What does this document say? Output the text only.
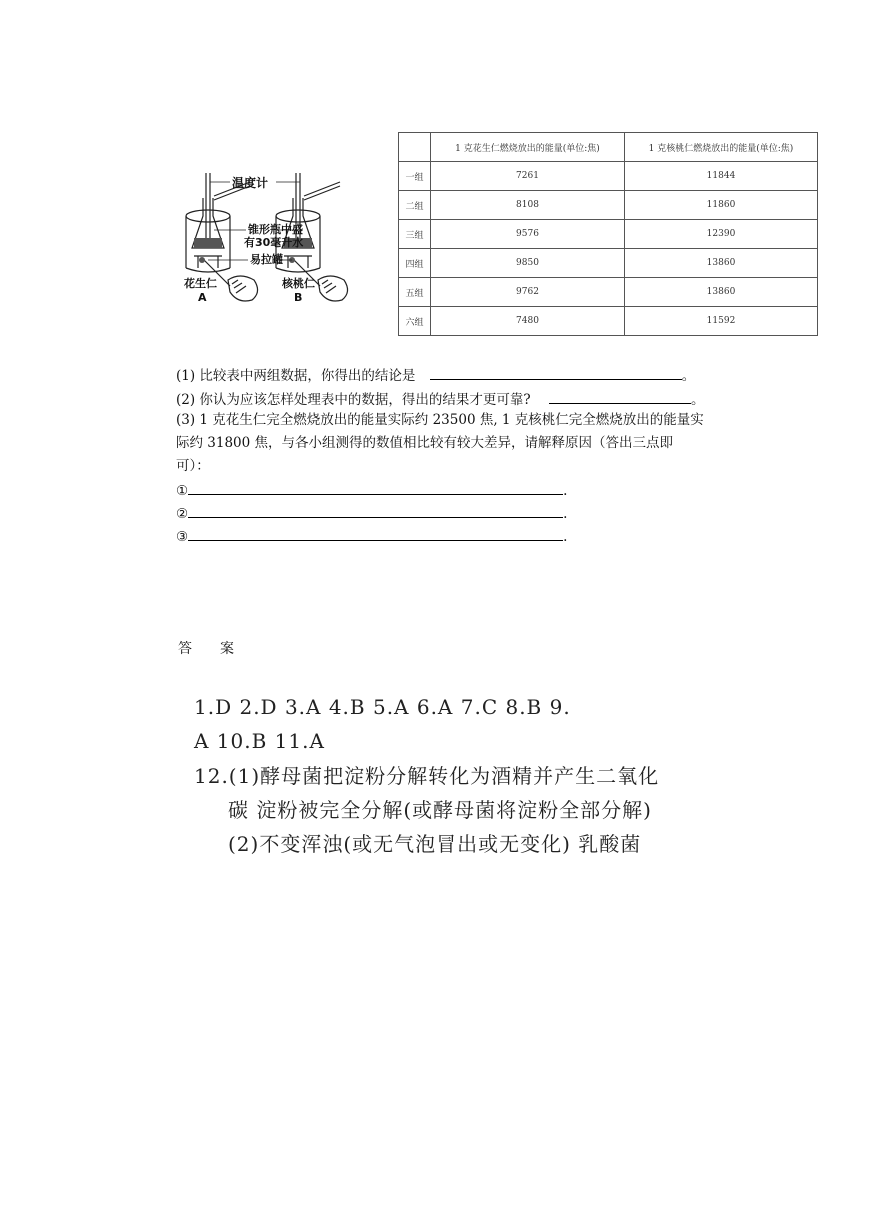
温度计
锥形瓶中盛
有30毫升水
易拉罐
花生仁
A
核桃仁
B
	1 克花生仁燃烧放出的能量(单位:焦)	1 克核桃仁燃烧放出的能量(单位:焦)
一组	7261	11844
二组	8108	11860
三组	9576	12390
四组	9850	13860
五组	9762	13860
六组	7480	11592
(1) 比较表中两组数据，你得出的结论是	。
(2) 你认为应该怎样处理表中的数据，得出的结果才更可靠?	。
(3) 1 克花生仁完全燃烧放出的能量实际约 23500 焦, 1 克核桃仁完全燃烧放出的能量实
际约 31800 焦，与各小组测得的数值相比较有较大差异，请解释原因（答出三点即
可）：
①	.
②	.
③	.
答 案
1.D 2.D 3.A 4.B 5.A 6.A 7.C 8.B 9.
A 10.B 11.A
12.(1)酵母菌把淀粉分解转化为酒精并产生二氧化
碳 淀粉被完全分解(或酵母菌将淀粉全部分解)
(2)不变浑浊(或无气泡冒出或无变化) 乳酸菌
